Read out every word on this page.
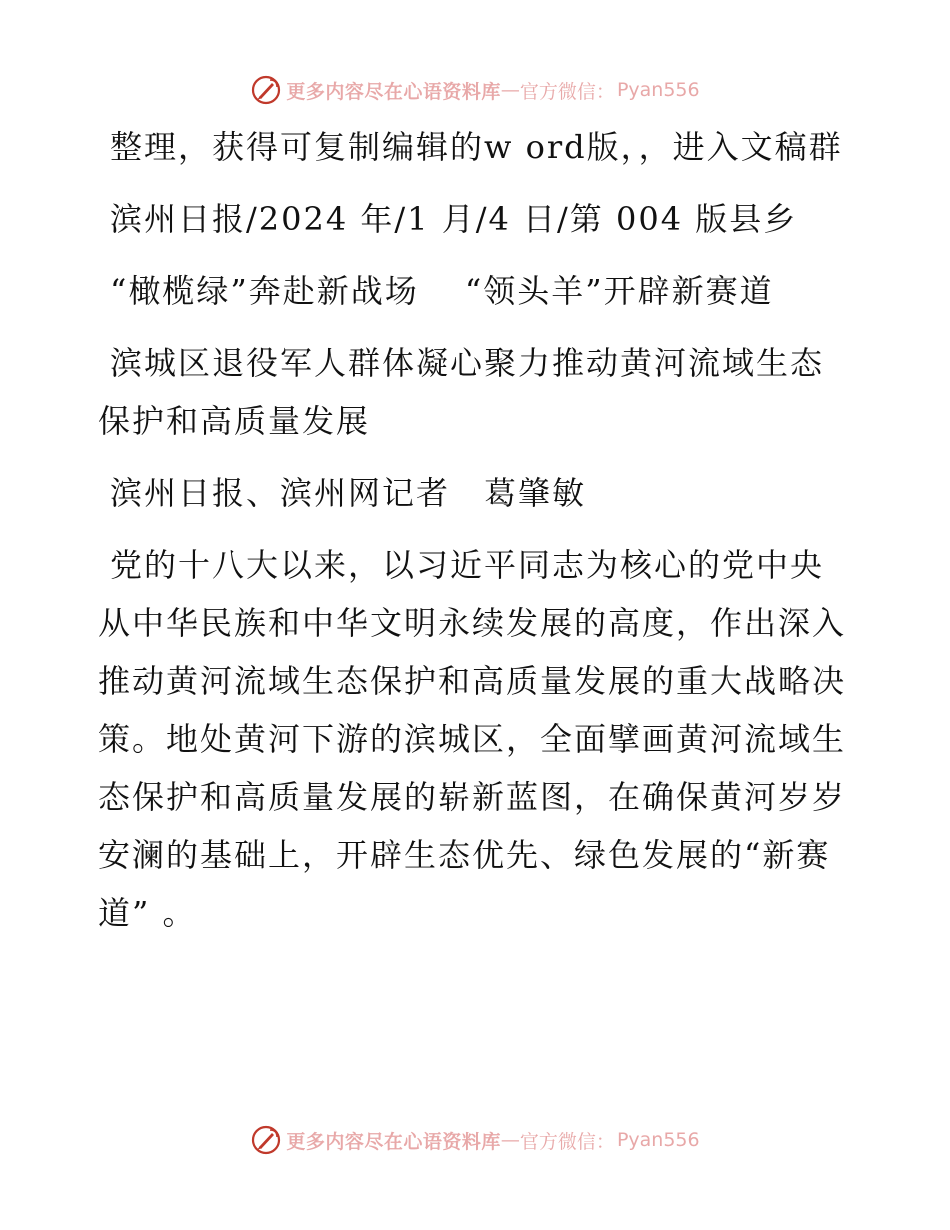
更多内容尽在心语资料库 — 官方微信： Pyan556

整理，获得可复制编辑的w ord版，，进入文稿群

滨州日报/2024 年/1 月/4 日/第 004 版县乡

“橄榄绿”奔赴新战场　 “领头羊”开辟新赛道

滨城区退役军人群体凝心聚力推动黄河流域生态保护和高质量发展

滨州日报、滨州网记者　葛肇敏

党的十八大以来，以习近平同志为核心的党中央从中华民族和中华文明永续发展的高度，作出深入推动黄河流域生态保护和高质量发展的重大战略决策。地处黄河下游的滨城区，全面擘画黄河流域生态保护和高质量发展的崭新蓝图，在确保黄河岁岁安澜的基础上，开辟生态优先、绿色发展的“新赛道” 。

更多内容尽在心语资料库 — 官方微信： Pyan556
